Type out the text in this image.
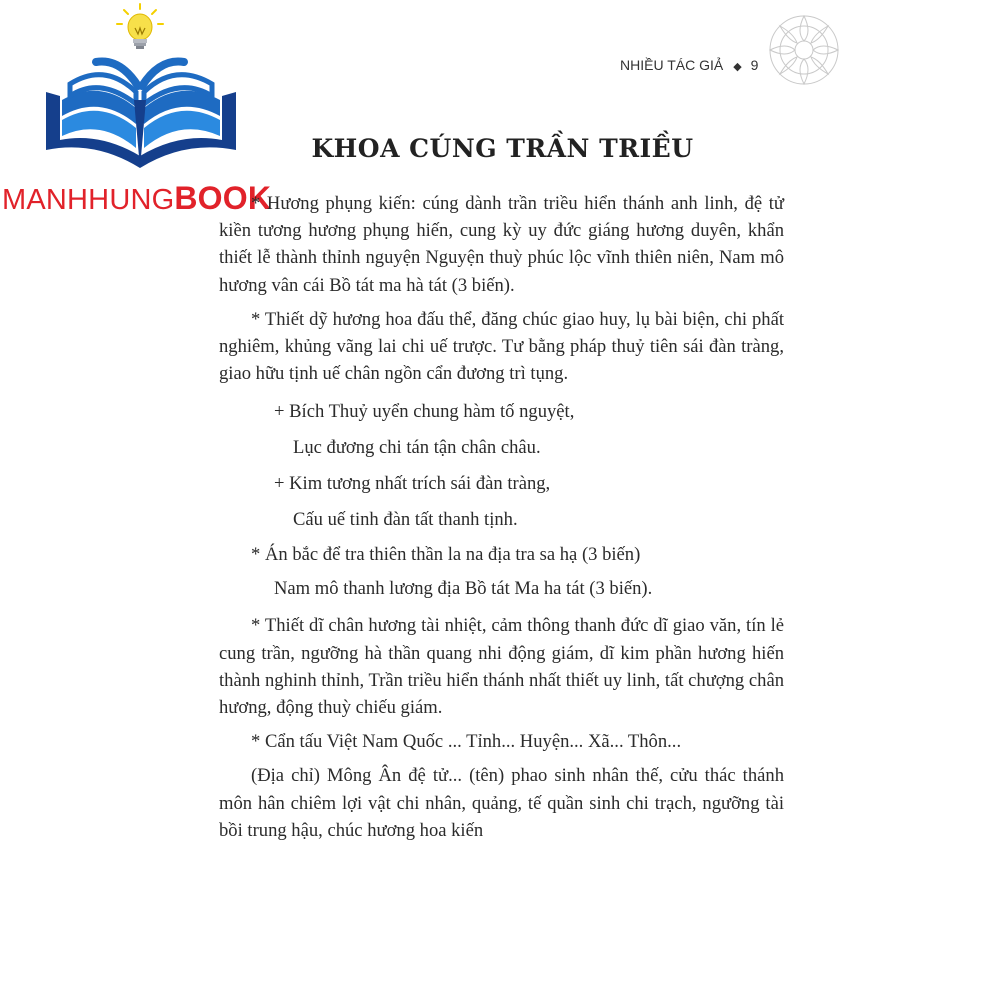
MANHHUNGBOOK
NHIỀU TÁC GIẢ ◆ 9
KHOA CÚNG TRẦN TRIỀU

* Hương phụng kiến: cúng dành trần triều hiển thánh anh linh, đệ tử kiền tương hương phụng hiến, cung kỳ uy đức giáng hương duyên, khẩn thiết lễ thành thỉnh nguyện Nguyện thuỳ phúc lộc vĩnh thiên niên, Nam mô hương vân cái Bồ tát ma hà tát (3 biến).

* Thiết dỹ hương hoa đấu thể, đăng chúc giao huy, lụ bài biện, chi phất nghiêm, khủng vãng lai chi uế trược. Tư bằng pháp thuỷ tiên sái đàn tràng, giao hữu tịnh uế chân ngồn cẩn đương trì tụng.

+ Bích Thuỷ uyển chung hàm tố nguyệt,

Lục đương chi tán tận chân châu.

+ Kim tương nhất trích sái đàn tràng,

Cấu uế tinh đàn tất thanh tịnh.

* Án bắc để tra thiên thần la na địa tra sa hạ (3 biến)

Nam mô thanh lương địa Bồ tát Ma ha tát (3 biến).

* Thiết dĩ chân hương tài nhiệt, cảm thông thanh đức dĩ giao văn, tín lẻ cung trần, ngưỡng hà thần quang nhi động giám, dĩ kim phần hương hiến thành nghinh thỉnh, Trần triều hiển thánh nhất thiết uy linh, tất chượng chân hương, động thuỳ chiếu giám.

* Cẩn tấu Việt Nam Quốc ... Tỉnh... Huyện... Xã... Thôn...

(Địa chỉ) Mông Ân đệ tử... (tên) phao sinh nhân thế, cửu thác thánh môn hân chiêm lợi vật chi nhân, quảng, tế quần sinh chi trạch, ngưỡng tài bồi trung hậu, chúc hương hoa kiến
